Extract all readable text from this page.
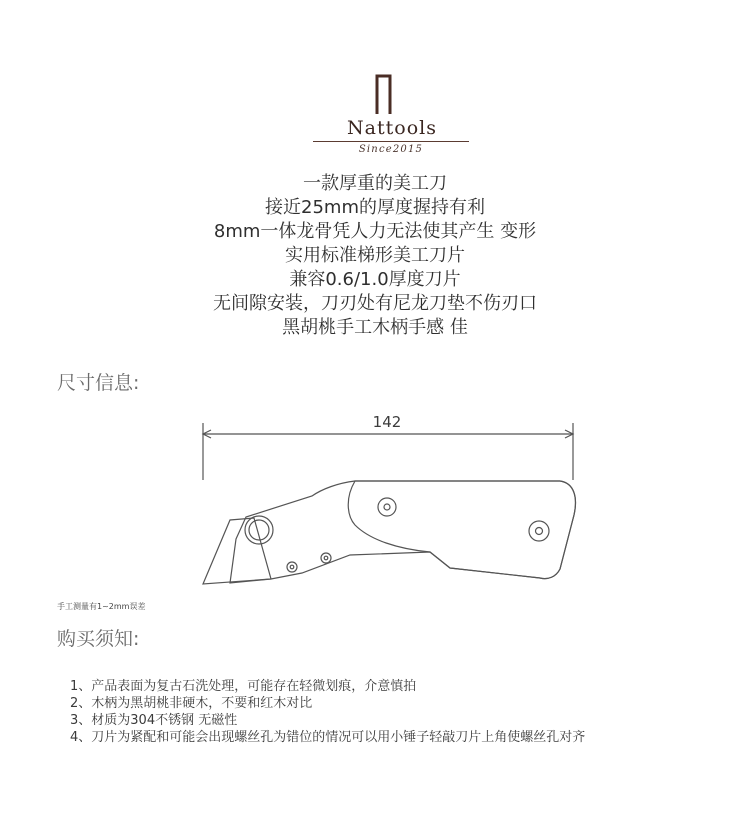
Nattools
Since2015
一款厚重的美工刀
接近25mm的厚度握持有利
8mm一体龙骨凭人力无法使其产生 变形
实用标准梯形美工刀片
兼容0.6/1.0厚度刀片
无间隙安装，刀刃处有尼龙刀垫不伤刃口
黑胡桃手工木柄手感 佳
尺寸信息:
142
手工测量有1~2mm误差
购买须知:
1、产品表面为复古石洗处理，可能存在轻微划痕，介意慎拍
2、木柄为黑胡桃非硬木，不要和红木对比
3、材质为304不锈钢 无磁性
4、刀片为紧配和可能会出现螺丝孔为错位的情况可以用小锤子轻敲刀片上角使螺丝孔对齐
